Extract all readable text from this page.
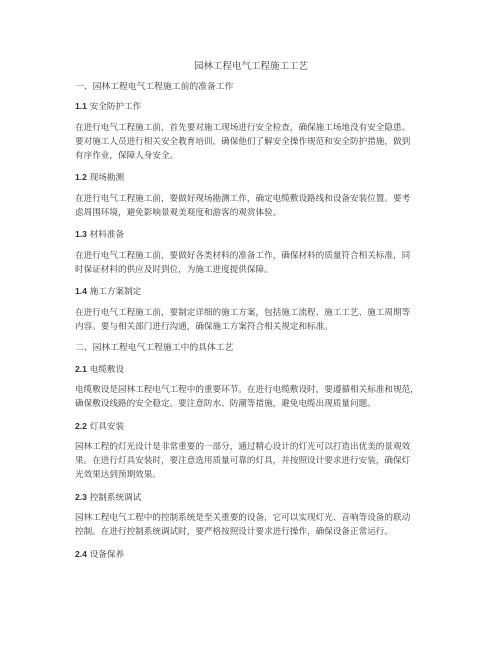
园林工程电气工程施工工艺
一、园林工程电气工程施工前的准备工作
1.1 安全防护工作
在进行电气工程施工前，首先要对施工现场进行安全检查，确保施工场地没有安全隐患。
要对施工人员进行相关安全教育培训，确保他们了解安全操作规范和安全防护措施，做到
有序作业，保障人身安全。
1.2 现场勘测
在进行电气工程施工前，要做好现场勘测工作，确定电缆敷设路线和设备安装位置。要考
虑周围环境，避免影响景观美观度和游客的观赏体验。
1.3 材料准备
在进行电气工程施工前，要做好各类材料的准备工作，确保材料的质量符合相关标准，同
时保证材料的供应及时到位，为施工进度提供保障。
1.4 施工方案制定
在进行电气工程施工前，要制定详细的施工方案，包括施工流程、施工工艺、施工周期等
内容。要与相关部门进行沟通，确保施工方案符合相关规定和标准。
二、园林工程电气工程施工中的具体工艺
2.1 电缆敷设
电缆敷设是园林工程电气工程中的重要环节。在进行电缆敷设时，要遵循相关标准和规范，
确保敷设线路的安全稳定。要注意防水、防潮等措施，避免电缆出现质量问题。
2.2 灯具安装
园林工程的灯光设计是非常重要的一部分，通过精心设计的灯光可以打造出优美的景观效
果。在进行灯具安装时，要注意选用质量可靠的灯具，并按照设计要求进行安装，确保灯
光效果达到预期效果。
2.3 控制系统调试
园林工程电气工程中的控制系统是至关重要的设备，它可以实现灯光、音响等设备的联动
控制。在进行控制系统调试时，要严格按照设计要求进行操作，确保设备正常运行。
2.4 设备保养
